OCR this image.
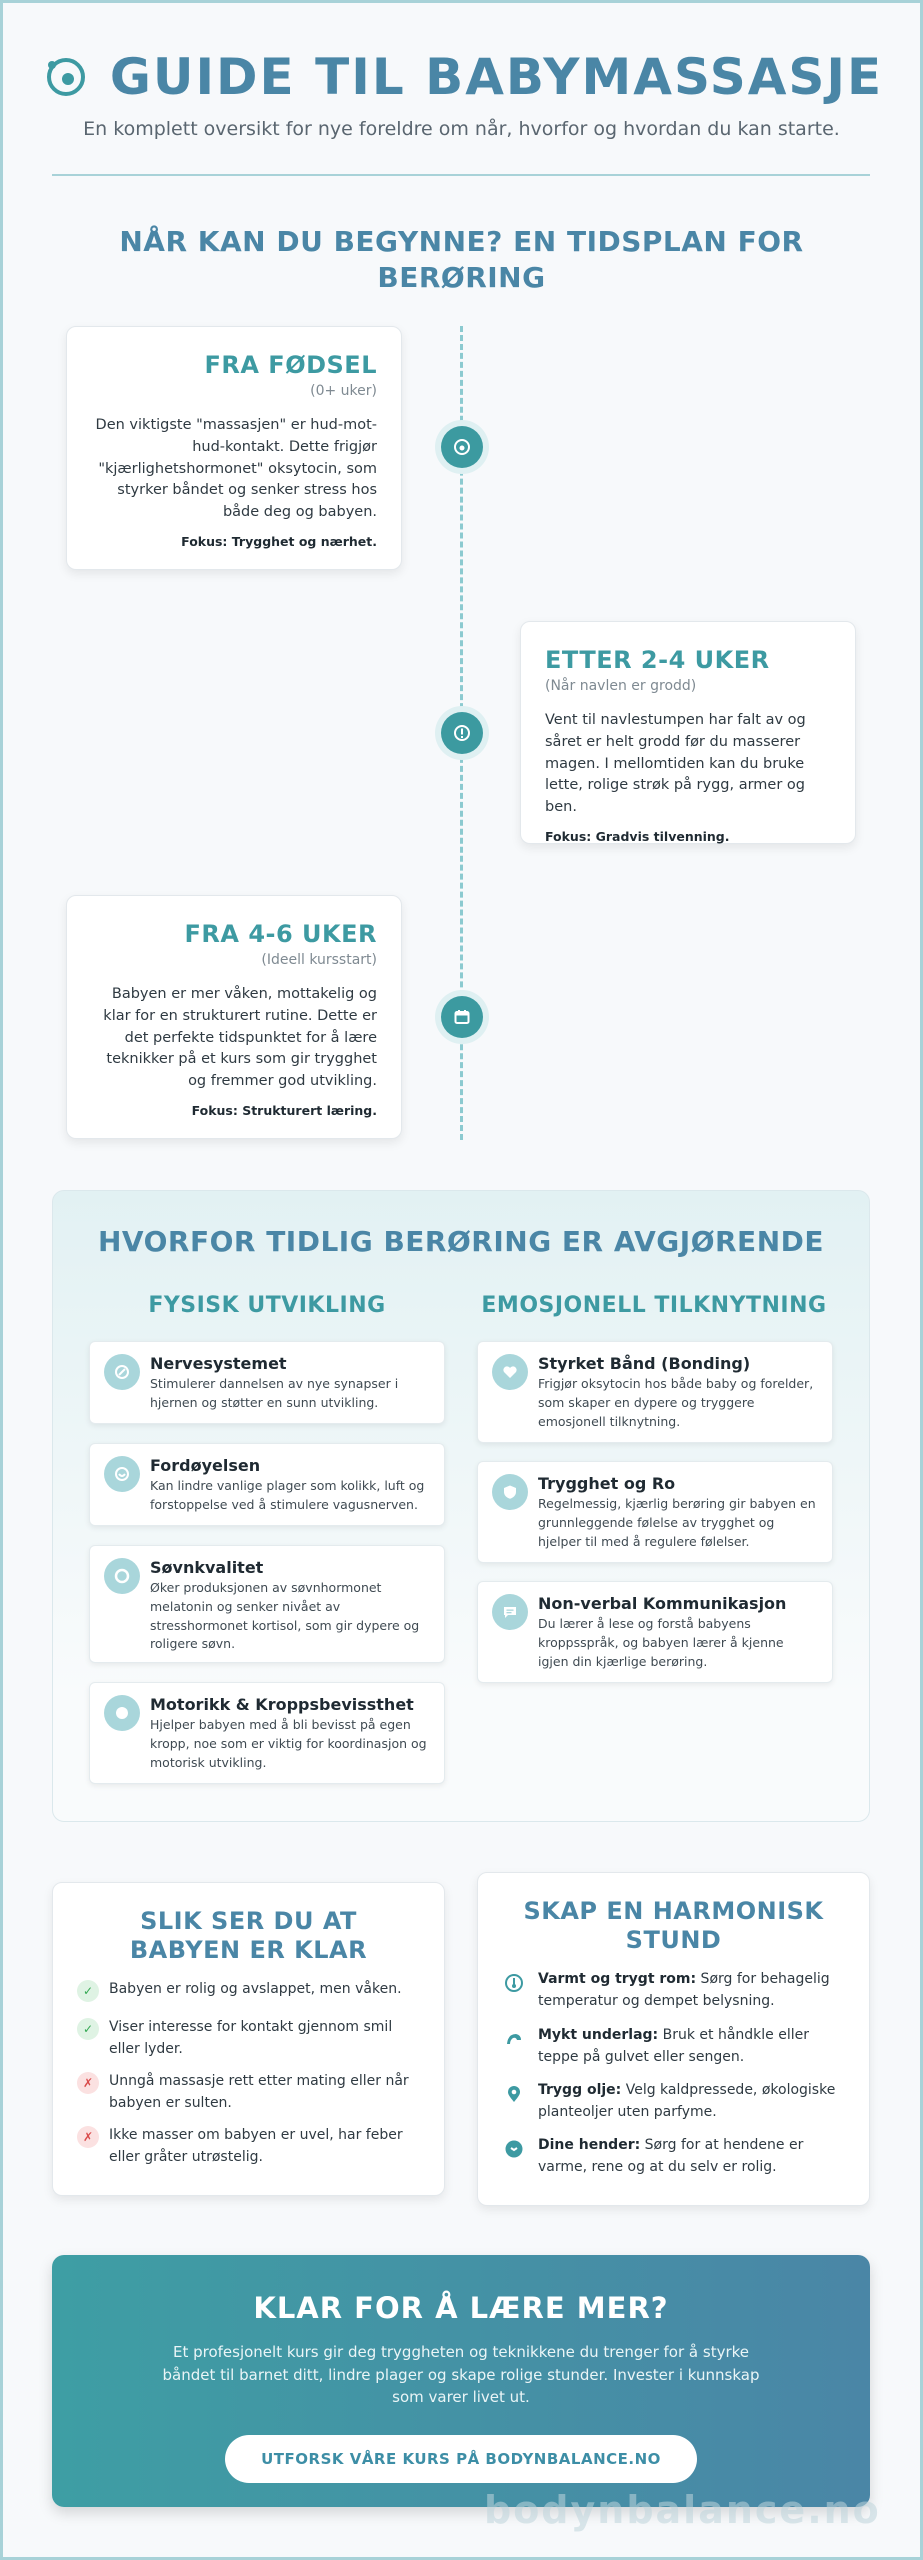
GUIDE TIL BABYMASSASJE
En komplett oversikt for nye foreldre om når, hvorfor og hvordan du kan starte.
NÅR KAN DU BEGYNNE? EN TIDSPLAN FOR BERØRING
FRA FØDSEL
(0+ uker)

Den viktigste "massasjen" er hud-mot-hud-kontakt. Dette frigjør "kjærlighetshormonet" oksytocin, som styrker båndet og senker stress hos både deg og babyen.

Fokus: Trygghet og nærhet.
ETTER 2-4 UKER
(Når navlen er grodd)

Vent til navlestumpen har falt av og såret er helt grodd før du masserer magen. I mellomtiden kan du bruke lette, rolige strøk på rygg, armer og ben.

Fokus: Gradvis tilvenning.
FRA 4-6 UKER
(Ideell kursstart)

Babyen er mer våken, mottakelig og klar for en strukturert rutine. Dette er det perfekte tidspunktet for å lære teknikker på et kurs som gir trygghet og fremmer god utvikling.

Fokus: Strukturert læring.
HVORFOR TIDLIG BERØRING ER AVGJØRENDE
FYSISK UTVIKLING	EMOSJONELL TILKNYTNING
Nervesystemet

Stimulerer dannelsen av nye synapser i hjernen og støtter en sunn utvikling.

Fordøyelsen

Kan lindre vanlige plager som kolikk, luft og forstoppelse ved å stimulere vagusnerven.

Søvnkvalitet

Øker produksjonen av søvnhormonet melatonin og senker nivået av stresshormonet kortisol, som gir dypere og roligere søvn.

Motorikk & Kroppsbevissthet

Hjelper babyen med å bli bevisst på egen kropp, noe som er viktig for koordinasjon og motorisk utvikling.

Styrket Bånd (Bonding)

Frigjør oksytocin hos både baby og forelder, som skaper en dypere og tryggere emosjonell tilknytning.

Trygghet og Ro

Regelmessig, kjærlig berøring gir babyen en grunnleggende følelse av trygghet og hjelper til med å regulere følelser.

Non-verbal Kommunikasjon

Du lærer å lese og forstå babyens kroppsspråk, og babyen lærer å kjenne igjen din kjærlige berøring.

SLIK SER DU AT BABYEN ER KLAR
✓	Babyen er rolig og avslappet, men våken.
✓	Viser interesse for kontakt gjennom smil eller lyder.
✗	Unngå massasje rett etter mating eller når babyen er sulten.
✗	Ikke masser om babyen er uvel, har feber eller gråter utrøstelig.
SKAP EN HARMONISK STUND
Varmt og trygt rom: Sørg for behagelig temperatur og dempet belysning.
Mykt underlag: Bruk et håndkle eller teppe på gulvet eller sengen.
Trygg olje: Velg kaldpressede, økologiske planteoljer uten parfyme.
Dine hender: Sørg for at hendene er varme, rene og at du selv er rolig.
KLAR FOR Å LÆRE MER?

Et profesjonelt kurs gir deg tryggheten og teknikkene du trenger for å styrke båndet til barnet ditt, lindre plager og skape rolige stunder. Invester i kunnskap som varer livet ut.

UTFORSK VÅRE KURS PÅ BODYNBALANCE.NO
bodynbalance.no
